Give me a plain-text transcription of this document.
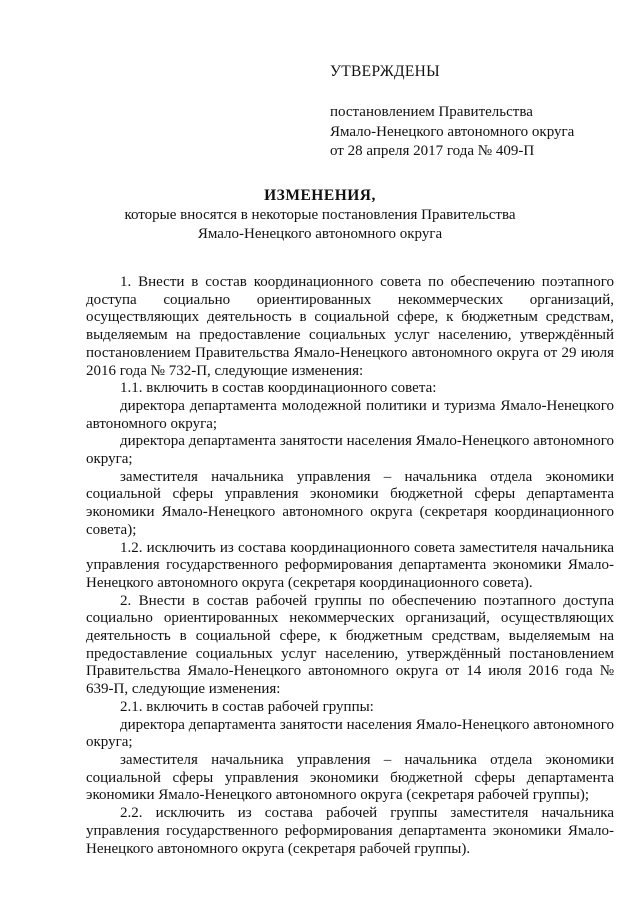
УТВЕРЖДЕНЫ
постановлением Правительства
Ямало-Ненецкого автономного округа
от 28 апреля 2017 года № 409-П
ИЗМЕНЕНИЯ,
которые вносятся в некоторые постановления Правительства
Ямало-Ненецкого автономного округа

1. Внести в состав координационного совета по обеспечению поэтапного доступа социально ориентированных некоммерческих организаций, осуществляющих деятельность в социальной сфере, к бюджетным средствам, выделяемым на предоставление социальных услуг населению, утверждённый постановлением Правительства Ямало-Ненецкого автономного округа от 29 июля 2016 года № 732-П, следующие изменения:

1.1. включить в состав координационного совета:

директора департамента молодежной политики и туризма Ямало-Ненецкого автономного округа;

директора департамента занятости населения Ямало-Ненецкого автономного округа;

заместителя начальника управления – начальника отдела экономики социальной сферы управления экономики бюджетной сферы департамента экономики Ямало-Ненецкого автономного округа (секретаря координационного совета);

1.2. исключить из состава координационного совета заместителя начальника управления государственного реформирования департамента экономики Ямало-Ненецкого автономного округа (секретаря координационного совета).

2. Внести в состав рабочей группы по обеспечению поэтапного доступа социально ориентированных некоммерческих организаций, осуществляющих деятельность в социальной сфере, к бюджетным средствам, выделяемым на предоставление социальных услуг населению, утверждённый постановлением Правительства Ямало-Ненецкого автономного округа от 14 июля 2016 года № 639-П, следующие изменения:

2.1. включить в состав рабочей группы:

директора департамента занятости населения Ямало-Ненецкого автономного округа;

заместителя начальника управления – начальника отдела экономики социальной сферы управления экономики бюджетной сферы департамента экономики Ямало-Ненецкого автономного округа (секретаря рабочей группы);

2.2. исключить из состава рабочей группы заместителя начальника управления государственного реформирования департамента экономики Ямало-Ненецкого автономного округа (секретаря рабочей группы).
